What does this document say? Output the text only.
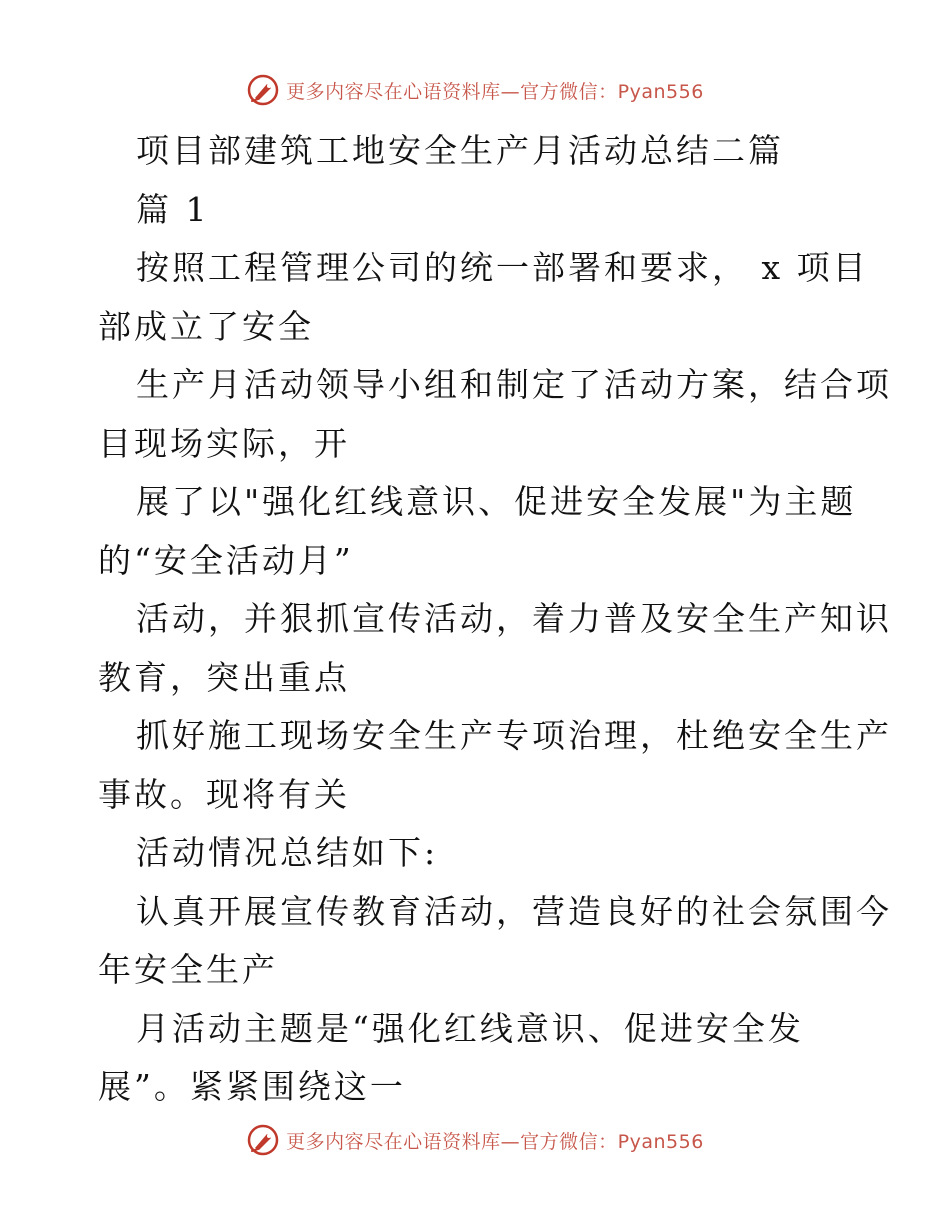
更多内容尽在心语资料库—官方微信：Pyan556
项目部建筑工地安全生产月活动总结二篇
篇 1
按照工程管理公司的统一部署和要求， x 项目
部成立了安全
生产月活动领导小组和制定了活动方案，结合项
目现场实际，开
展了以"强化红线意识、促进安全发展"为主题
的“安全活动月”
活动，并狠抓宣传活动，着力普及安全生产知识
教育，突出重点
抓好施工现场安全生产专项治理，杜绝安全生产
事故。现将有关
活动情况总结如下:
认真开展宣传教育活动，营造良好的社会氛围今
年安全生产
月活动主题是“强化红线意识、促进安全发
展”。紧紧围绕这一
更多内容尽在心语资料库—官方微信：Pyan556
